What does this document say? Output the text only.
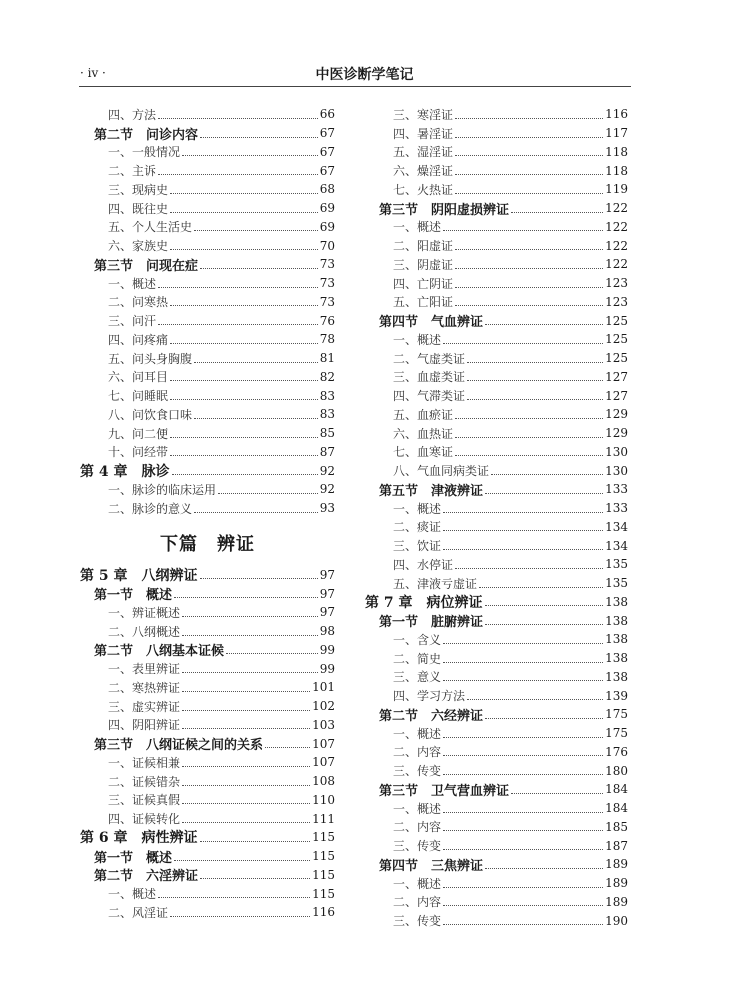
· iv ·	中医诊断学笔记
四、方法	66
第二节　问诊内容	67
一、一般情况	67
二、主诉	67
三、现病史	68
四、既往史	69
五、个人生活史	69
六、家族史	70
第三节　问现在症	73
一、概述	73
二、问寒热	73
三、问汗	76
四、问疼痛	78
五、问头身胸腹	81
六、问耳目	82
七、问睡眠	83
八、问饮食口味	83
九、问二便	85
十、问经带	87
第 4 章　脉诊	92
一、脉诊的临床运用	92
二、脉诊的意义	93
下篇　辨证
第 5 章　八纲辨证	97
第一节　概述	97
一、辨证概述	97
二、八纲概述	98
第二节　八纲基本证候	99
一、表里辨证	99
二、寒热辨证	101
三、虚实辨证	102
四、阴阳辨证	103
第三节　八纲证候之间的关系	107
一、证候相兼	107
二、证候错杂	108
三、证候真假	110
四、证候转化	111
第 6 章　病性辨证	115
第一节　概述	115
第二节　六淫辨证	115
一、概述	115
二、风淫证	116
三、寒淫证	116
四、暑淫证	117
五、湿淫证	118
六、燥淫证	118
七、火热证	119
第三节　阴阳虚损辨证	122
一、概述	122
二、阳虚证	122
三、阴虚证	122
四、亡阴证	123
五、亡阳证	123
第四节　气血辨证	125
一、概述	125
二、气虚类证	125
三、血虚类证	127
四、气滞类证	127
五、血瘀证	129
六、血热证	129
七、血寒证	130
八、气血同病类证	130
第五节　津液辨证	133
一、概述	133
二、痰证	134
三、饮证	134
四、水停证	135
五、津液亏虚证	135
第 7 章　病位辨证	138
第一节　脏腑辨证	138
一、含义	138
二、简史	138
三、意义	138
四、学习方法	139
第二节　六经辨证	175
一、概述	175
二、内容	176
三、传变	180
第三节　卫气营血辨证	184
一、概述	184
二、内容	185
三、传变	187
第四节　三焦辨证	189
一、概述	189
二、内容	189
三、传变	190
